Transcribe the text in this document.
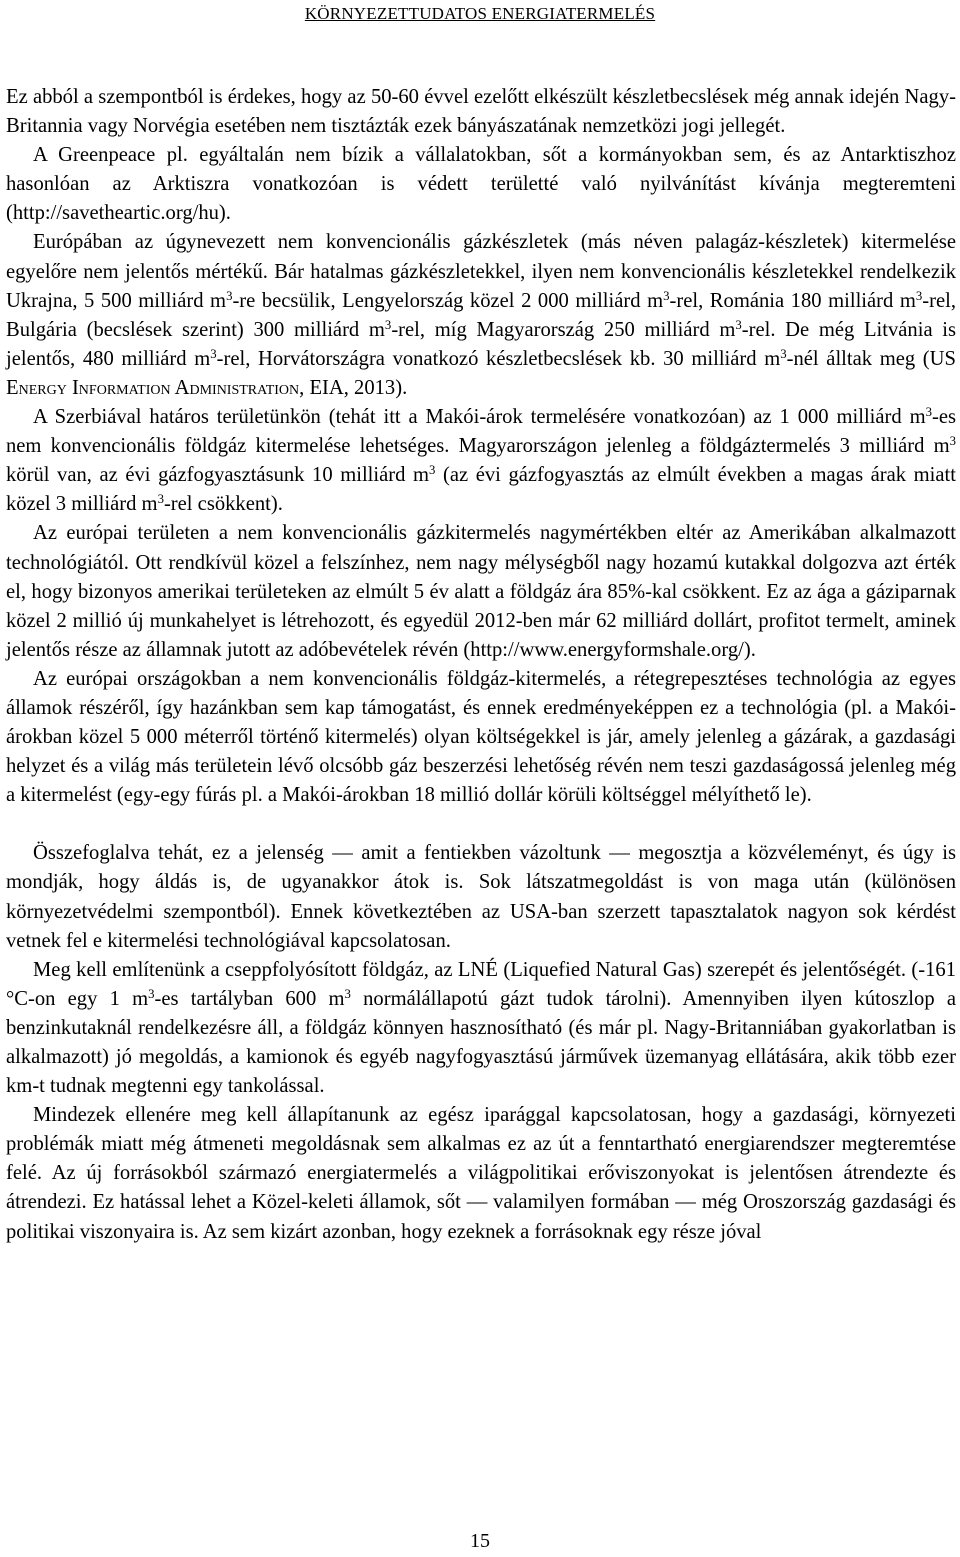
KÖRNYEZETTUDATOS ENERGIATERMELÉS

Ez abból a szempontból is érdekes, hogy az 50-60 évvel ezelőtt elkészült készletbecslések még annak idején Nagy-Britannia vagy Norvégia esetében nem tisztázták ezek bányászatának nemzetközi jogi jellegét.

A Greenpeace pl. egyáltalán nem bízik a vállalatokban, sőt a kormányokban sem, és az Antarktiszhoz hasonlóan az Arktiszra vonatkozóan is védett területté való nyilvánítást kívánja megteremteni (http://savetheartic.org/hu).

Európában az úgynevezett nem konvencionális gázkészletek (más néven palagáz-készletek) kitermelése egyelőre nem jelentős mértékű. Bár hatalmas gázkészletekkel, ilyen nem konvencionális készletekkel rendelkezik Ukrajna, 5 500 milliárd $m^3-re$ becsülik, Lengyelország közel 2 000 milliárd $m^3$-rel, Románia 180 milliárd $m^3$-rel, Bulgária (becslések szerint) 300 milliárd $m^3$-rel, míg Magyarország 250 milliárd $m^3$-rel. De még Litvánia is jelentős, 480 milliárd $m^3$-rel, Horvátországra vonatkozó készletbecslések kb. 30 milliárd $m^3$-nél álltak meg (US Energy Information Administration, EIA, 2013).

A Szerbiával határos területünkön (tehát itt a Makói-árok termelésére vonatkozóan) az 1 000 milliárd $m^3-es$ nem konvencionális földgáz kitermelése lehetséges. Magyarországon jelenleg a földgáztermelés 3 milliárd $m^3$ körül van, az évi gázfogyasztásunk 10 milliárd $m^3$ (az évi gázfogyasztás az elmúlt években a magas árak miatt közel 3 milliárd $m^3$-rel csökkent).

Az európai területen a nem konvencionális gázkitermelés nagymértékben eltér az Amerikában alkalmazott technológiától. Ott rendkívül közel a felszínhez, nem nagy mélységből nagy hozamú kutakkal dolgozva azt érték el, hogy bizonyos amerikai területeken az elmúlt 5 év alatt a földgáz ára 85%-kal csökkent. Ez az ága a gáziparnak közel 2 millió új munkahelyet is létrehozott, és egyedül 2012-ben már 62 milliárd dollárt, profitot termelt, aminek jelentős része az államnak jutott az adóbevételek révén (http://www.energyformshale.org/).

Az európai országokban a nem konvencionális földgáz-kitermelés, a rétegrepesztéses technológia az egyes államok részéről, így hazánkban sem kap támogatást, és ennek eredményeképpen ez a technológia (pl. a Makói-árokban közel 5 000 méterről történő kitermelés) olyan költségekkel is jár, amely jelenleg a gázárak, a gazdasági helyzet és a világ más területein lévő olcsóbb gáz beszerzési lehetőség révén nem teszi gazdaságossá jelenleg még a kitermelést (egy-egy fúrás pl. a Makói-árokban 18 millió dollár körüli költséggel mélyíthető le).

Összefoglalva tehát, ez a jelenség — amit a fentiekben vázoltunk — megosztja a közvéleményt, és úgy is mondják, hogy áldás is, de ugyanakkor átok is. Sok látszatmegoldást is von maga után (különösen környezetvédelmi szempontból). Ennek következtében az USA-ban szerzett tapasztalatok nagyon sok kérdést vetnek fel e kitermelési technológiával kapcsolatosan.

Meg kell említenünk a cseppfolyósított földgáz, az LNÉ (Liquefied Natural Gas) szerepét és jelentőségét. (-161 °C-on egy 1 $m^3-es$ tartályban 600 $m^3$ normálállapotú gázt tudok tárolni). Amennyiben ilyen kútoszlop a benzinkutaknál rendelkezésre áll, a földgáz könnyen hasznosítható (és már pl. Nagy-Britanniában gyakorlatban is alkalmazott) jó megoldás, a kamionok és egyéb nagyfogyasztású járművek üzemanyag ellátására, akik több ezer km-t tudnak megtenni egy tankolással.

Mindezek ellenére meg kell állapítanunk az egész iparággal kapcsolatosan, hogy a gazdasági, környezeti problémák miatt még átmeneti megoldásnak sem alkalmas ez az út a fenntartható energiarendszer megteremtése felé. Az új forrásokból származó energiatermelés a világpolitikai erőviszonyokat is jelentősen átrendezte és átrendezi. Ez hatással lehet a Közel-keleti államok, sőt — valamilyen formában — még Oroszország gazdasági és politikai viszonyaira is. Az sem kizárt azonban, hogy ezeknek a forrásoknak egy része jóval

15
